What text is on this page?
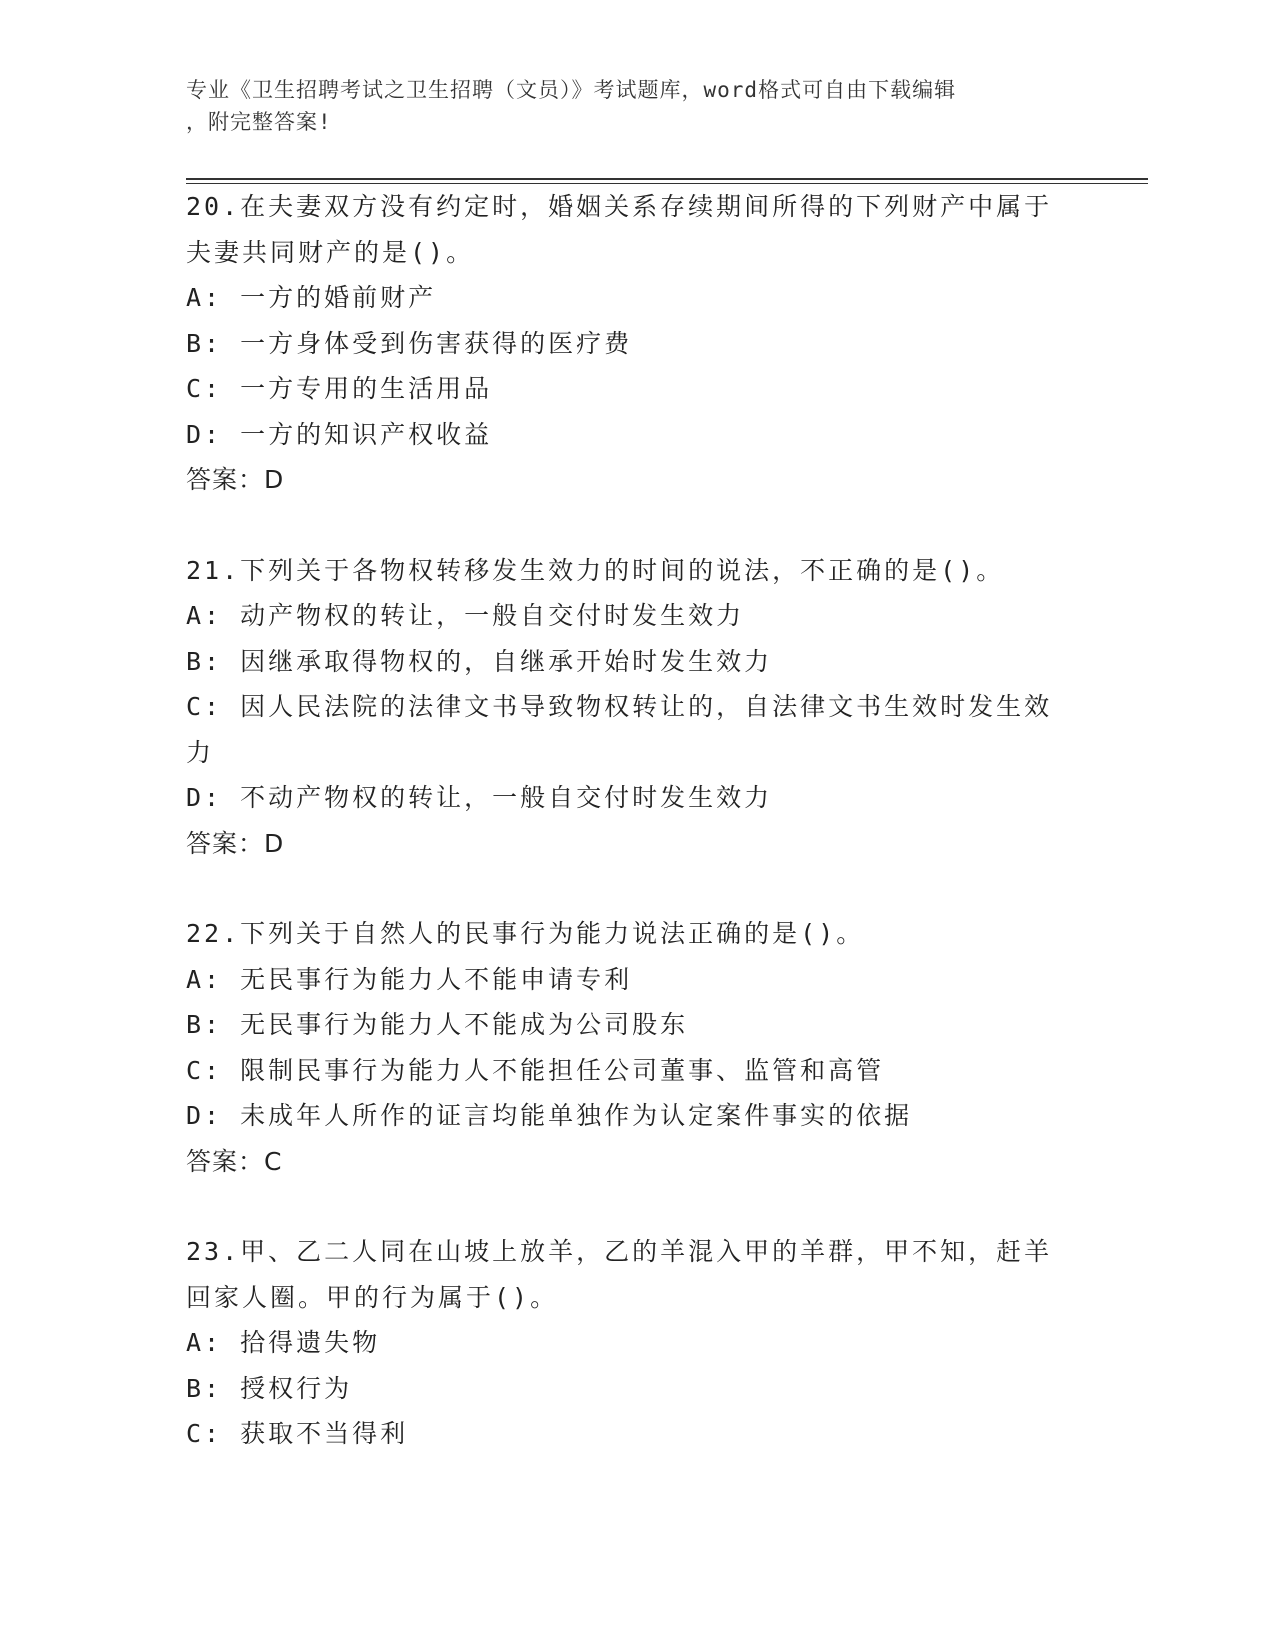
专业《卫生招聘考试之卫生招聘（文员）》考试题库，word格式可自由下载编辑
，附完整答案!
20.在夫妻双方没有约定时，婚姻关系存续期间所得的下列财产中属于
夫妻共同财产的是()。
A: 一方的婚前财产
B: 一方身体受到伤害获得的医疗费
C: 一方专用的生活用品
D: 一方的知识产权收益
答案：D
21.下列关于各物权转移发生效力的时间的说法，不正确的是()。
A: 动产物权的转让，一般自交付时发生效力
B: 因继承取得物权的，自继承开始时发生效力
C: 因人民法院的法律文书导致物权转让的，自法律文书生效时发生效
力
D: 不动产物权的转让，一般自交付时发生效力
答案：D
22.下列关于自然人的民事行为能力说法正确的是()。
A: 无民事行为能力人不能申请专利
B: 无民事行为能力人不能成为公司股东
C: 限制民事行为能力人不能担任公司董事、监管和高管
D: 未成年人所作的证言均能单独作为认定案件事实的依据
答案：C
23.甲、乙二人同在山坡上放羊，乙的羊混入甲的羊群，甲不知，赶羊
回家人圈。甲的行为属于()。
A: 拾得遗失物
B: 授权行为
C: 获取不当得利
